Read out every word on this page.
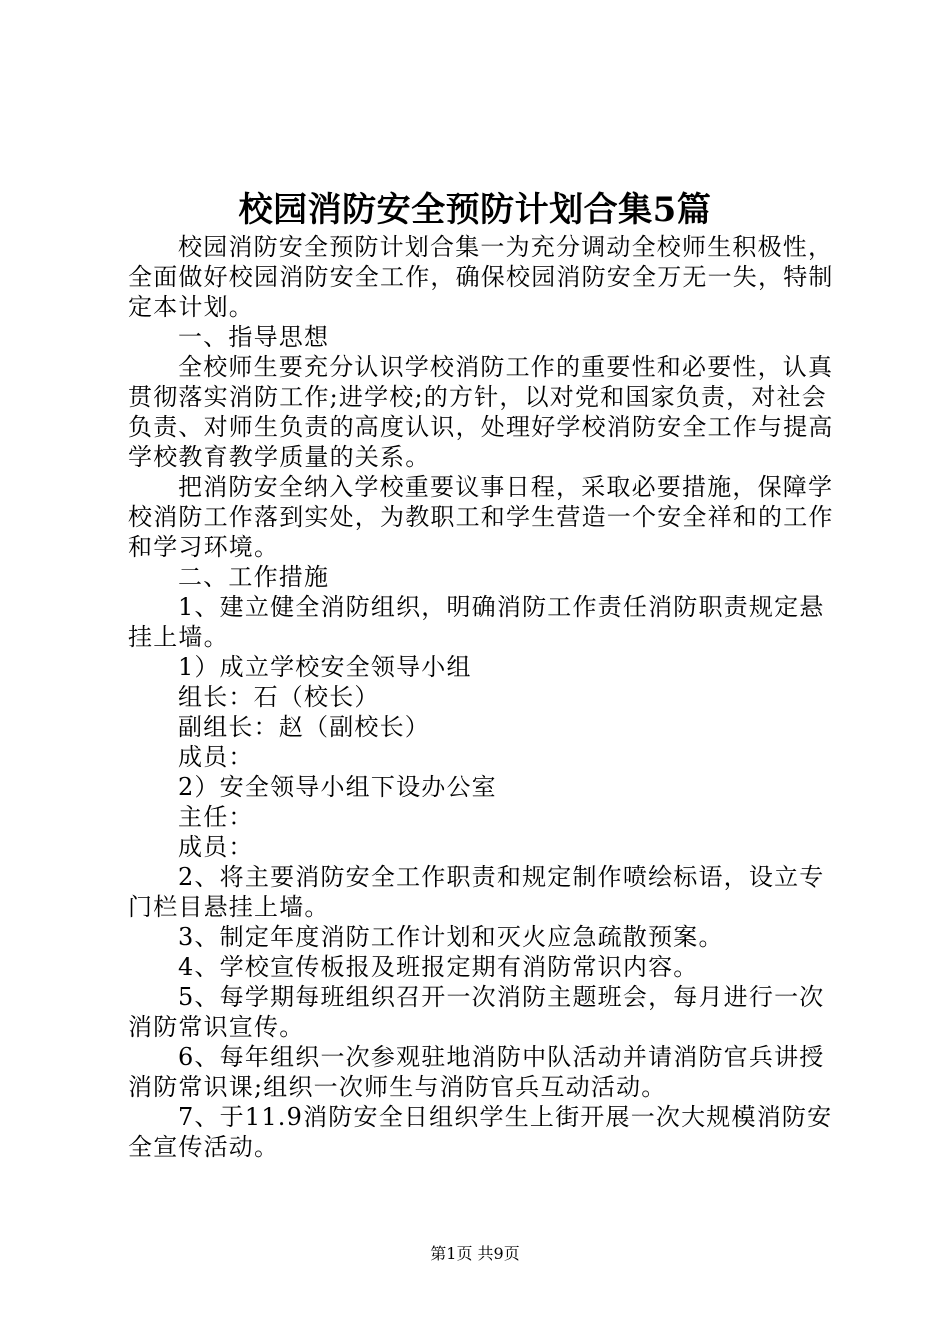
校园消防安全预防计划合集5篇

校园消防安全预防计划合集一为充分调动全校师生积极性，全面做好校园消防安全工作，确保校园消防安全万无一失，特制定本计划。

一、指导思想

全校师生要充分认识学校消防工作的重要性和必要性，认真贯彻落实消防工作;进学校;的方针，以对党和国家负责，对社会负责、对师生负责的高度认识，处理好学校消防安全工作与提高学校教育教学质量的关系。

把消防安全纳入学校重要议事日程，采取必要措施，保障学校消防工作落到实处，为教职工和学生营造一个安全祥和的工作和学习环境。

二、工作措施

1、建立健全消防组织，明确消防工作责任消防职责规定悬挂上墙。

1）成立学校安全领导小组

组长：石（校长）

副组长：赵（副校长）

成员：

2）安全领导小组下设办公室

主任：

成员：

2、将主要消防安全工作职责和规定制作喷绘标语，设立专门栏目悬挂上墙。

3、制定年度消防工作计划和灭火应急疏散预案。

4、学校宣传板报及班报定期有消防常识内容。

5、每学期每班组织召开一次消防主题班会，每月进行一次消防常识宣传。

6、每年组织一次参观驻地消防中队活动并请消防官兵讲授消防常识课;组织一次师生与消防官兵互动活动。

7、于11.9消防安全日组织学生上街开展一次大规模消防安全宣传活动。

第1页 共9页
